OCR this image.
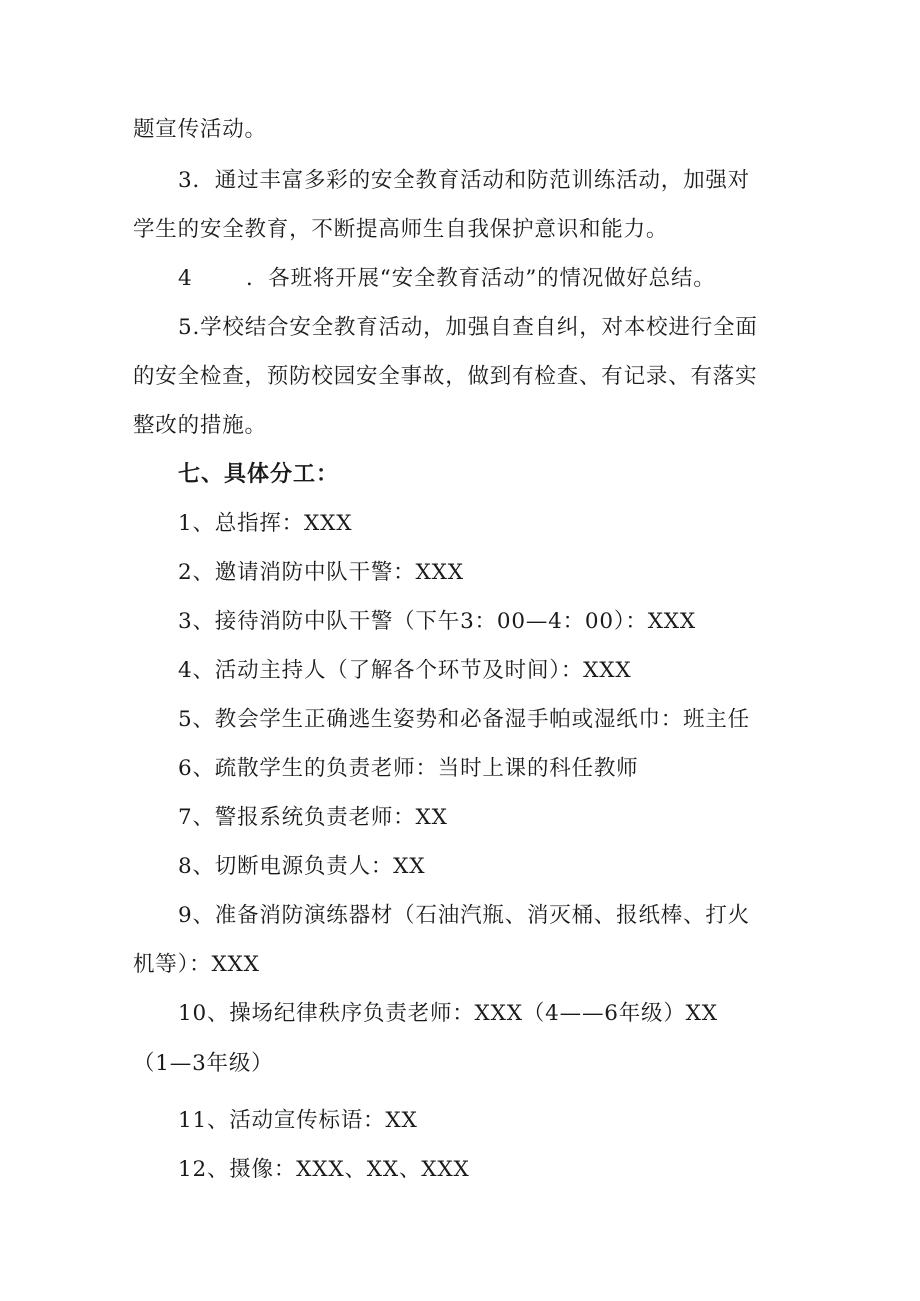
题宣传活动。
3．通过丰富多彩的安全教育活动和防范训练活动，加强对
学生的安全教育，不断提高师生自我保护意识和能力。
4 ．各班将开展“安全教育活动”的情况做好总结。
5.学校结合安全教育活动，加强自查自纠，对本校进行全面
的安全检查，预防校园安全事故，做到有检查、有记录、有落实
整改的措施。
七、具体分工：
1、总指挥：XXX
2、邀请消防中队干警：XXX
3、接待消防中队干警（下午3：00—4：00）：XXX
4、活动主持人（了解各个环节及时间）：XXX
5、教会学生正确逃生姿势和必备湿手帕或湿纸巾：班主任
6、疏散学生的负责老师：当时上课的科任教师
7、警报系统负责老师：XX
8、切断电源负责人：XX
9、准备消防演练器材（石油汽瓶、消灭桶、报纸棒、打火
机等）：XXX
10、操场纪律秩序负责老师：XXX（4——6年级）XX
（1—3年级）
11、活动宣传标语：XX
12、摄像：XXX、XX、XXX
